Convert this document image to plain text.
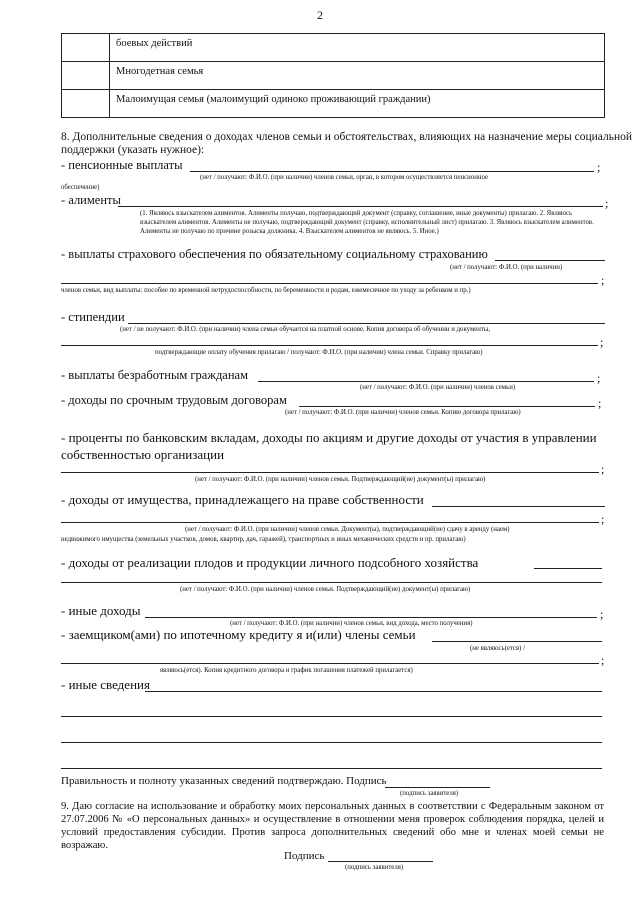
2
	боевых действий
	Многодетная семья
	Малоимущая семья (малоимущий одиноко проживающий граждании)
8. Дополнительные сведения о доходах членов семьи и обстоятельствах, влияющих на назначение меры социальной
поддержки (указать нужное):
- пенсионные выплаты	;
(нет / получают: Ф.И.О. (при наличии) членов семьи, орган, в котором осуществляется пенсионное
обеспечение)
- алименты	;
(1. Являюсь взыскателем алиментов. Алименты получаю, подтверждающий документ (справку, соглашение, иные документы) прилагаю. 2. Являюсь взыскателем алиментов. Алименты не получаю, подтверждающий документ (справку, исполнительный лист) прилагаю. 3. Являюсь взыскателем алиментов. Алименты не получаю по причине розыска должника. 4. Взыскателем алиментов не являюсь. 5. Иное.)
- выплаты страхового обеспечения по обязательному социальному страхованию
(нет / получают: Ф.И.О. (при наличии)
;
членов семьи, вид выплаты: пособие по временной нетрудоспособности, по беременности и родам, ежемесячное по уходу за ребенком и пр.)
- стипендии
(нет / не получают: Ф.И.О. (при наличии) члена семьи обучается на платной основе. Копия договора об обучении и документы,
;
подтверждающие оплату обучения прилагаю / получают: Ф.И.О. (при наличии) члена семьи. Справку прилагаю)
- выплаты безработным гражданам	;
(нет / получают: Ф.И.О. (при наличии) членов семьи)
- доходы по срочным трудовым договорам	;
(нет / получают: Ф.И.О. (при наличии) членов семьи. Копию договора прилагаю)
- проценты по банковским вкладам, доходы по акциям и другие доходы от участия в управлении
собственностью организации
;
(нет / получают: Ф.И.О. (при наличии) членов семьи. Подтверждающий(ие) документ(ы) прилагаю)
- доходы от имущества, принадлежащего на праве собственности
;
(нет / получают: Ф.И.О. (при наличии) членов семьи. Документ(ы), подтверждающий(ие) сдачу в аренду (наем)
недвижимого имущества (земельных участков, домов, квартир, дач, гаражей), транспортных и иных механических средств и пр. прилагаю)
- доходы от реализации плодов и продукции личного подсобного хозяйства
(нет / получают: Ф.И.О. (при наличии) членов семьи. Подтверждающий(ие) документ(ы) прилагаю)
- иные доходы	;
(нет / получают: Ф.И.О. (при наличии) членов семьи, вид дохода, место получения)
- заемщиком(ами) по ипотечному кредиту я и(или) члены семьи
(не являюсь(ется) /
;
являюсь(ется). Копия кредитного договора и график погашения платежей прилагается)
- иные сведения
Правильность и полноту указанных сведений подтверждаю. Подпись
(подпись заявителя)
9. Даю согласие на использование и обработку моих персональных данных в соответствии с Федеральным законом от 27.07.2006 № «О персональных данных» и осуществление в отношении меня проверок соблюдения порядка, целей и условий предоставления субсидии. Против запроса дополнительных сведений обо мне и членах моей семьи не возражаю.
Подпись
(подпись заявителя)
